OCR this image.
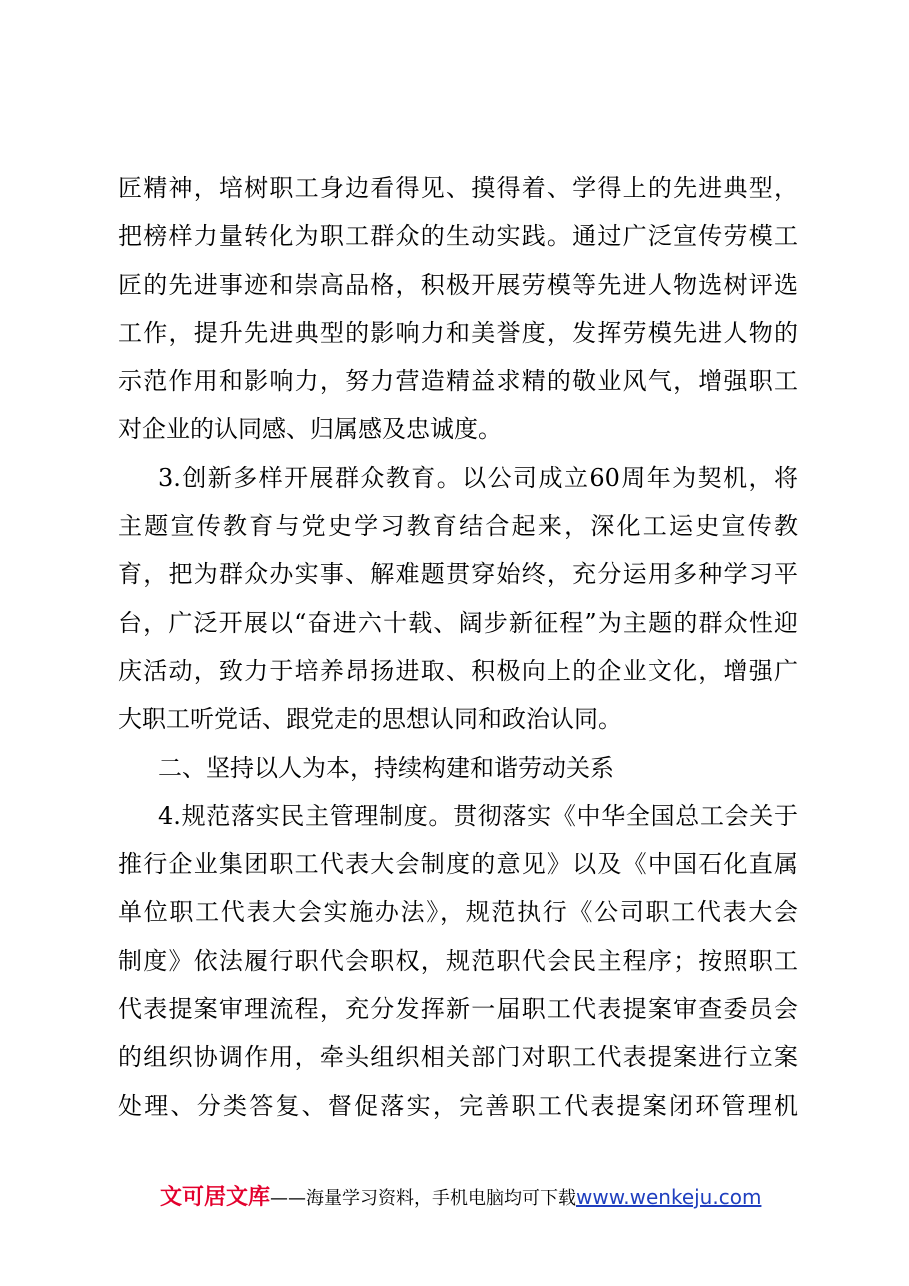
匠精神，培树职工身边看得见、摸得着、学得上的先进典型，
把榜样力量转化为职工群众的生动实践。通过广泛宣传劳模工
匠的先进事迹和崇高品格，积极开展劳模等先进人物选树评选
工作，提升先进典型的影响力和美誉度，发挥劳模先进人物的
示范作用和影响力，努力营造精益求精的敬业风气，增强职工
对企业的认同感、归属感及忠诚度。
3.创新多样开展群众教育。以公司成立60周年为契机，将
主题宣传教育与党史学习教育结合起来，深化工运史宣传教
育，把为群众办实事、解难题贯穿始终，充分运用多种学习平
台，广泛开展以“奋进六十载、阔步新征程”为主题的群众性迎
庆活动，致力于培养昂扬进取、积极向上的企业文化，增强广
大职工听党话、跟党走的思想认同和政治认同。
二、坚持以人为本，持续构建和谐劳动关系
4.规范落实民主管理制度。贯彻落实《中华全国总工会关于
推行企业集团职工代表大会制度的意见》以及《中国石化直属
单位职工代表大会实施办法》，规范执行《公司职工代表大会
制度》依法履行职代会职权，规范职代会民主程序；按照职工
代表提案审理流程，充分发挥新一届职工代表提案审查委员会
的组织协调作用，牵头组织相关部门对职工代表提案进行立案
处理、分类答复、督促落实，完善职工代表提案闭环管理机
文可居文库——海量学习资料，手机电脑均可下载www.wenkeju.com
